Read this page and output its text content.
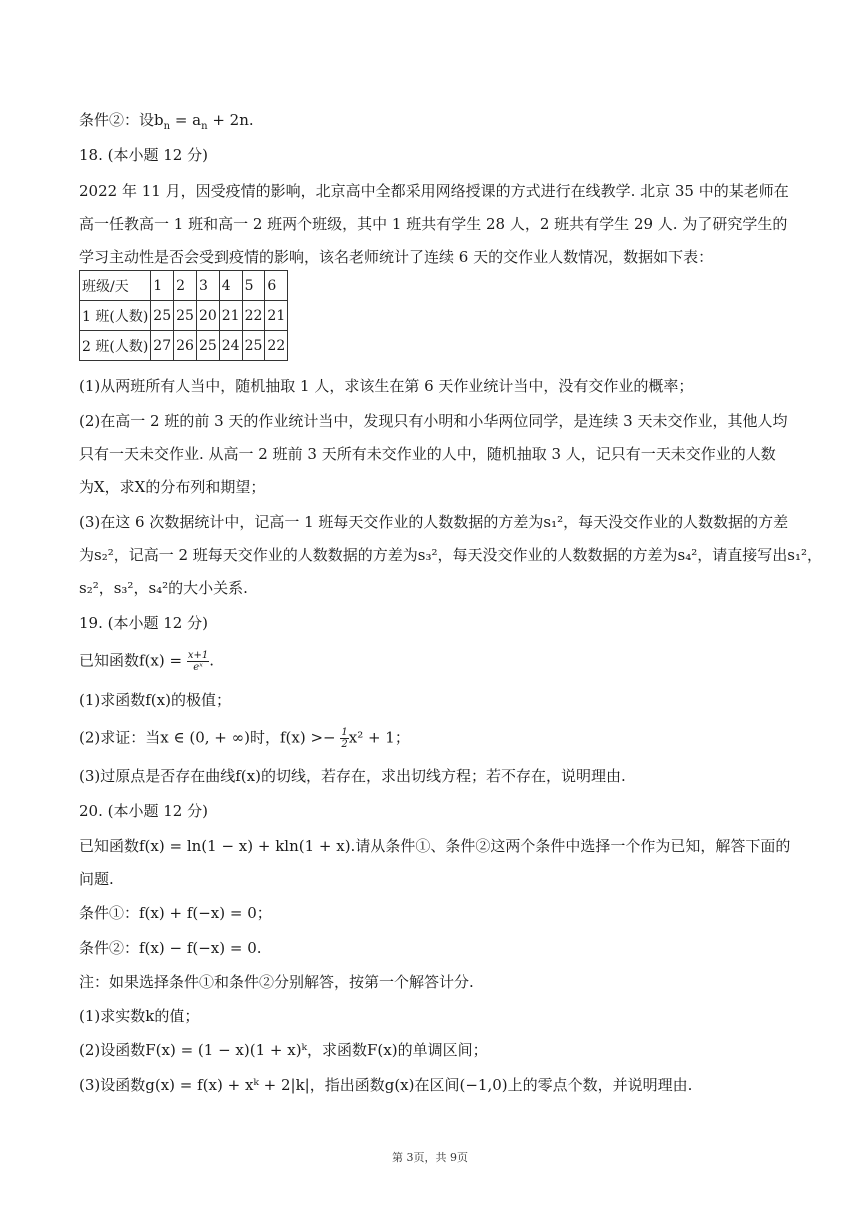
条件②：设$b_n = a_n + 2n$.
18. (本小题 12 分)
2022 年 11 月，因受疫情的影响，北京高中全都采用网络授课的方式进行在线教学. 北京 35 中的某老师在
高一任教高一 1 班和高一 2 班两个班级，其中 1 班共有学生 28 人，2 班共有学生 29 人. 为了研究学生的
学习主动性是否会受到疫情的影响，该名老师统计了连续 6 天的交作业人数情况，数据如下表：
班级/天	1	2	3	4	5	6
1 班(人数)	25	25	20	21	22	21
2 班(人数)	27	26	25	24	25	22
(1)从两班所有人当中，随机抽取 1 人，求该生在第 6 天作业统计当中，没有交作业的概率；
(2)在高一 2 班的前 3 天的作业统计当中，发现只有小明和小华两位同学，是连续 3 天未交作业，其他人均
只有一天未交作业. 从高一 2 班前 3 天所有未交作业的人中，随机抽取 3 人，记只有一天未交作业的人数
为X，求X的分布列和期望；
(3)在这 6 次数据统计中，记高一 1 班每天交作业的人数数据的方差为s₁²，每天没交作业的人数数据的方差
为s₂²，记高一 2 班每天交作业的人数数据的方差为s₃²，每天没交作业的人数数据的方差为s₄²，请直接写出s₁²，
s₂²，s₃²，s₄²的大小关系.
19. (本小题 12 分)
已知函数$f(x) = \frac{x+1}{\text{eˣ}}$ .
(1)求函数f(x)的极值；
(2)求证：当x ∈ (0, + ∞)时，$f(x) >- \frac{1}{2} x^2 + 1$；
(3)过原点是否存在曲线f(x)的切线，若存在，求出切线方程；若不存在，说明理由.
20. (本小题 12 分)
已知函数f(x) = ln(1 − x) + kln(1 + x).请从条件①、条件②这两个条件中选择一个作为已知，解答下面的
问题.
条件①：f(x) + f(−x) = 0；
条件②：f(x) − f(−x) = 0.
注：如果选择条件①和条件②分别解答，按第一个解答计分.
(1)求实数k的值；
(2)设函数F(x) = (1 − x)(1 + x)ᵏ，求函数F(x)的单调区间；
(3)设函数g(x) = f(x) + xᵏ + 2|k|，指出函数g(x)在区间(−1,0)上的零点个数，并说明理由.
第 3页，共 9页
